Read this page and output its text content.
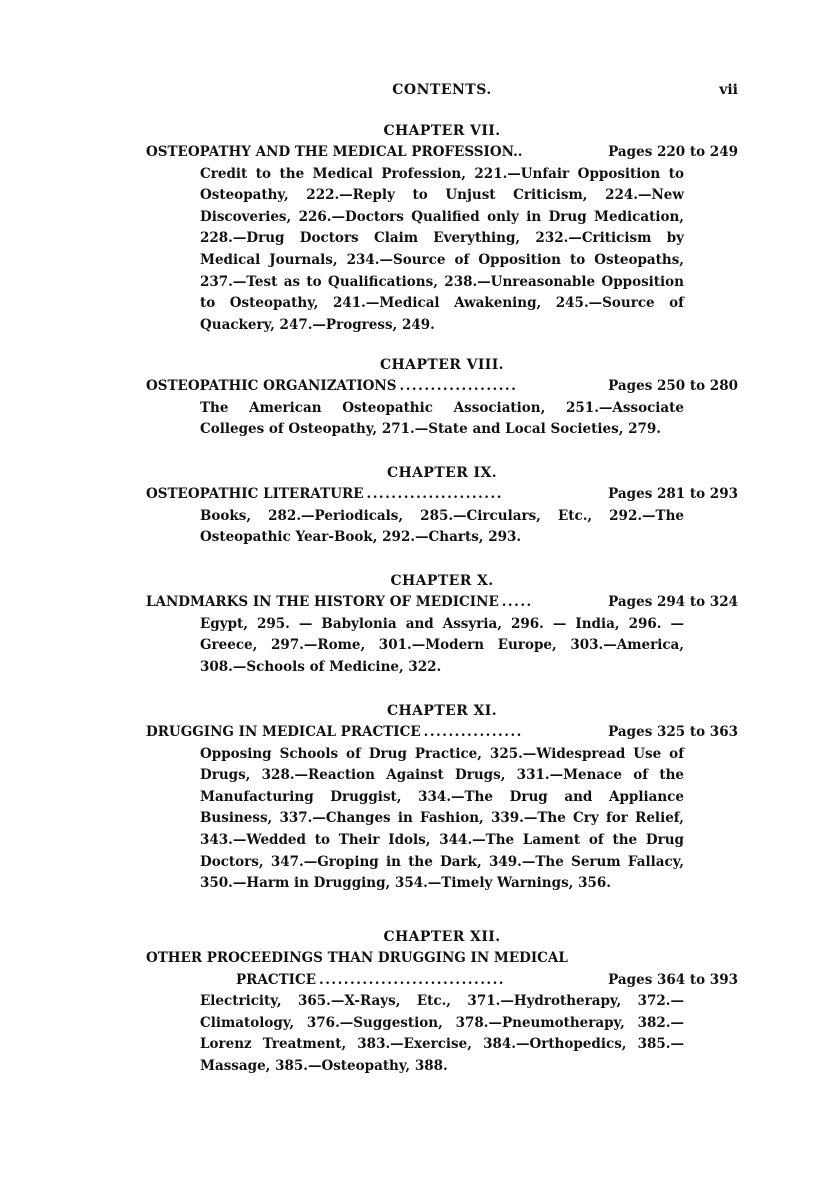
CONTENTS.	vii
CHAPTER VII.
OSTEOPATHY AND THE MEDICAL PROFESSION..	Pages 220 to 249
Credit to the Medical Profession, 221.—Unfair Opposition to Osteopathy, 222.—Reply to Unjust Criticism, 224.—New Discoveries, 226.—Doctors Qualified only in Drug Medication, 228.—Drug Doctors Claim Everything, 232.—Criticism by Medical Journals, 234.—Source of Opposition to Osteopaths, 237.—Test as to Qualifications, 238.—Unreasonable Opposition to Osteopathy, 241.—Medical Awakening, 245.—Source of Quackery, 247.—Progress, 249.
CHAPTER VIII.
OSTEOPATHIC ORGANIZATIONS ...................	Pages 250 to 280
The American Osteopathic Association, 251.—Associate Colleges of Osteopathy, 271.—State and Local Societies, 279.
CHAPTER IX.
OSTEOPATHIC LITERATURE ......................	Pages 281 to 293
Books, 282.—Periodicals, 285.—Circulars, Etc., 292.—The Osteopathic Year-Book, 292.—Charts, 293.
CHAPTER X.
LANDMARKS IN THE HISTORY OF MEDICINE .....	Pages 294 to 324
Egypt, 295. — Babylonia and Assyria, 296. — India, 296. — Greece, 297.—Rome, 301.—Modern Europe, 303.—America, 308.—Schools of Medicine, 322.
CHAPTER XI.
DRUGGING IN MEDICAL PRACTICE ................	Pages 325 to 363
Opposing Schools of Drug Practice, 325.—Widespread Use of Drugs, 328.—Reaction Against Drugs, 331.—Menace of the Manufacturing Druggist, 334.—The Drug and Appliance Business, 337.—Changes in Fashion, 339.—The Cry for Relief, 343.—Wedded to Their Idols, 344.—The Lament of the Drug Doctors, 347.—Groping in the Dark, 349.—The Serum Fallacy, 350.—Harm in Drugging, 354.—Timely Warnings, 356.
CHAPTER XII.
OTHER PROCEEDINGS THAN DRUGGING IN MEDICAL
PRACTICE ..............................	Pages 364 to 393
Electricity, 365.—X-Rays, Etc., 371.—Hydrotherapy, 372.—Climatology, 376.—Suggestion, 378.—Pneumotherapy, 382.—Lorenz Treatment, 383.—Exercise, 384.—Orthopedics, 385.—Massage, 385.—Osteopathy, 388.
